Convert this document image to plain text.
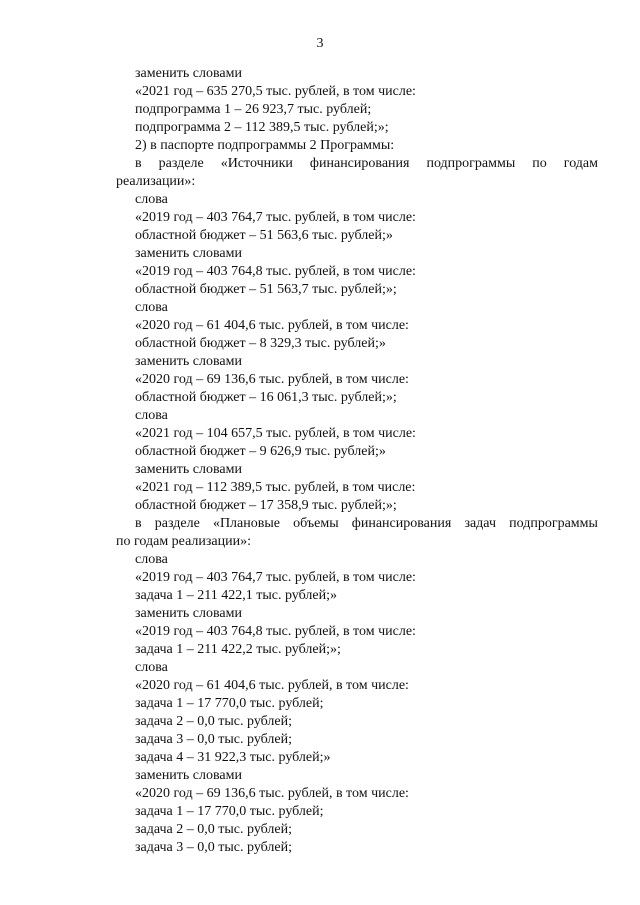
3
заменить словами
«2021 год – 635 270,5 тыс. рублей, в том числе:
подпрограмма 1 – 26 923,7 тыс. рублей;
подпрограмма 2 – 112 389,5 тыс. рублей;»;
2) в паспорте подпрограммы 2 Программы:
в разделе «Источники финансирования подпрограммы по годам
реализации»:
слова
«2019 год – 403 764,7 тыс. рублей, в том числе:
областной бюджет – 51 563,6 тыс. рублей;»
заменить словами
«2019 год – 403 764,8 тыс. рублей, в том числе:
областной бюджет – 51 563,7 тыс. рублей;»;
слова
«2020 год – 61 404,6 тыс. рублей, в том числе:
областной бюджет – 8 329,3 тыс. рублей;»
заменить словами
«2020 год – 69 136,6 тыс. рублей, в том числе:
областной бюджет – 16 061,3 тыс. рублей;»;
слова
«2021 год – 104 657,5 тыс. рублей, в том числе:
областной бюджет – 9 626,9 тыс. рублей;»
заменить словами
«2021 год – 112 389,5 тыс. рублей, в том числе:
областной бюджет – 17 358,9 тыс. рублей;»;
в разделе «Плановые объемы финансирования задач подпрограммы
по годам реализации»:
слова
«2019 год – 403 764,7 тыс. рублей, в том числе:
задача 1 – 211 422,1 тыс. рублей;»
заменить словами
«2019 год – 403 764,8 тыс. рублей, в том числе:
задача 1 – 211 422,2 тыс. рублей;»;
слова
«2020 год – 61 404,6 тыс. рублей, в том числе:
задача 1 – 17 770,0 тыс. рублей;
задача 2 – 0,0 тыс. рублей;
задача 3 – 0,0 тыс. рублей;
задача 4 – 31 922,3 тыс. рублей;»
заменить словами
«2020 год – 69 136,6 тыс. рублей, в том числе:
задача 1 – 17 770,0 тыс. рублей;
задача 2 – 0,0 тыс. рублей;
задача 3 – 0,0 тыс. рублей;
